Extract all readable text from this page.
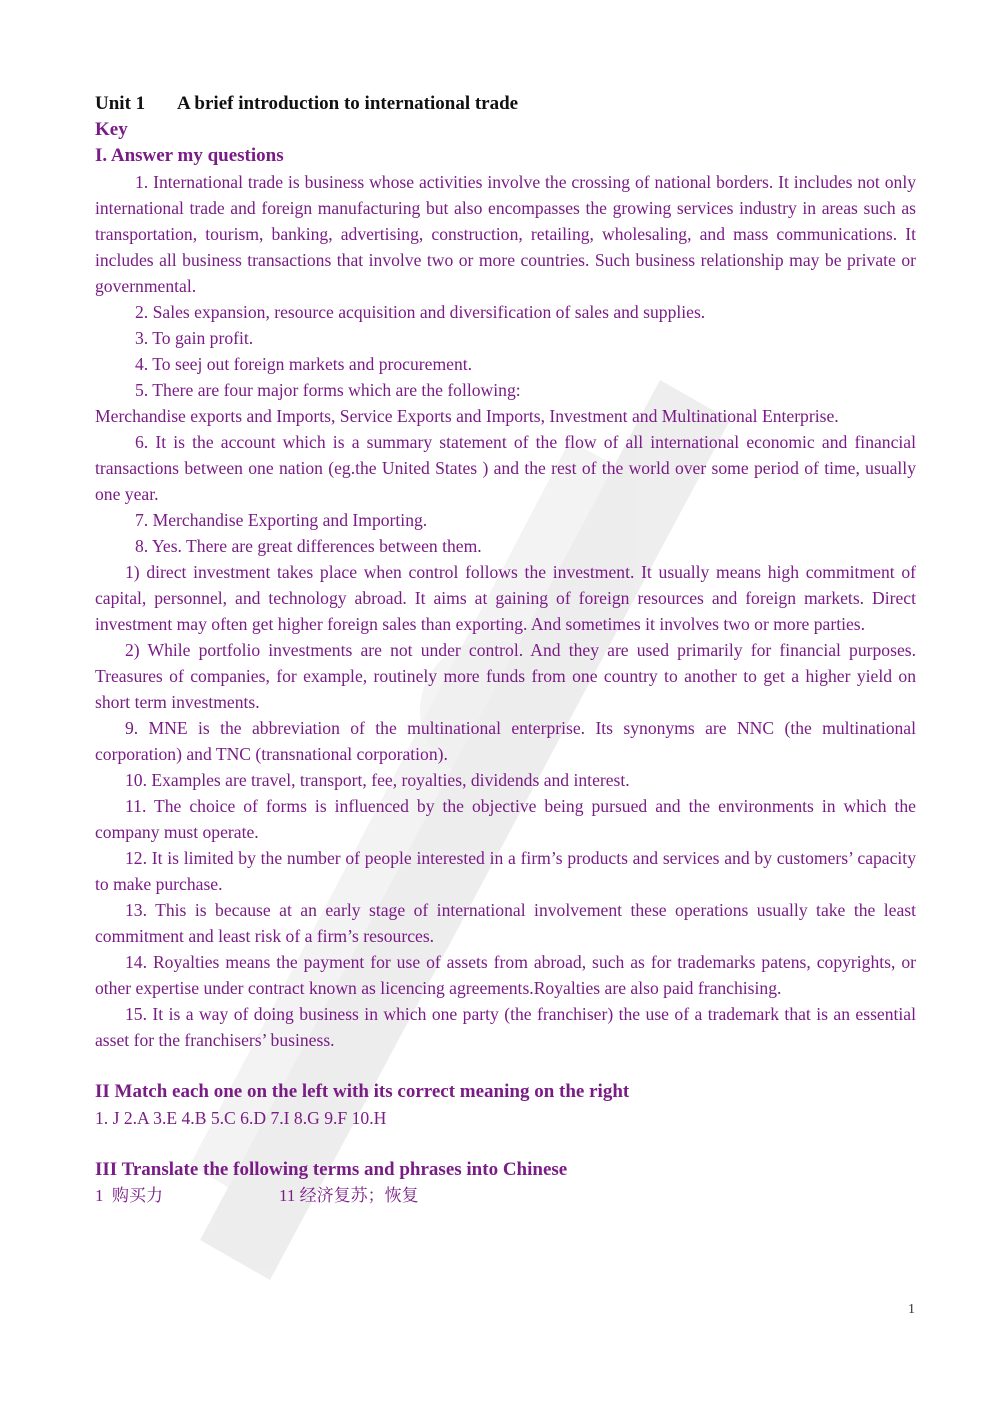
Unit 1 A brief introduction to international trade
Key
I. Answer my questions

1. International trade is business whose activities involve the crossing of national borders. It includes not only international trade and foreign manufacturing but also encompasses the growing services industry in areas such as transportation, tourism, banking, advertising, construction, retailing, wholesaling, and mass communications. It includes all business transactions that involve two or more countries. Such business relationship may be private or governmental.

2. Sales expansion, resource acquisition and diversification of sales and supplies.

3. To gain profit.

4. To seej out foreign markets and procurement.

5. There are four major forms which are the following:

Merchandise exports and Imports, Service Exports and Imports, Investment and Multinational Enterprise.

6. It is the account which is a summary statement of the flow of all international economic and financial transactions between one nation (eg.the United States ) and the rest of the world over some period of time, usually one year.

7. Merchandise Exporting and Importing.

8. Yes. There are great differences between them.

1) direct investment takes place when control follows the investment. It usually means high commitment of capital, personnel, and technology abroad. It aims at gaining of foreign resources and foreign markets. Direct investment may often get higher foreign sales than exporting. And sometimes it involves two or more parties.

2) While portfolio investments are not under control. And they are used primarily for financial purposes. Treasures of companies, for example, routinely more funds from one country to another to get a higher yield on short term investments.

9. MNE is the abbreviation of the multinational enterprise. Its synonyms are NNC (the multinational corporation) and TNC (transnational corporation).

10. Examples are travel, transport, fee, royalties, dividends and interest.

11. The choice of forms is influenced by the objective being pursued and the environments in which the company must operate.

12. It is limited by the number of people interested in a firm’s products and services and by customers’ capacity to make purchase.

13. This is because at an early stage of international involvement these operations usually take the least commitment and least risk of a firm’s resources.

14. Royalties means the payment for use of assets from abroad, such as for trademarks patens, copyrights, or other expertise under contract known as licencing agreements.Royalties are also paid franchising.

15. It is a way of doing business in which one party (the franchiser) the use of a trademark that is an essential asset for the franchisers’ business.

II Match each one on the left with its correct meaning on the right

1. J 2.A 3.E 4.B 5.C 6.D 7.I 8.G 9.F 10.H

III Translate the following terms and phrases into Chinese
1  购买力	11 经济复苏；恢复
1
